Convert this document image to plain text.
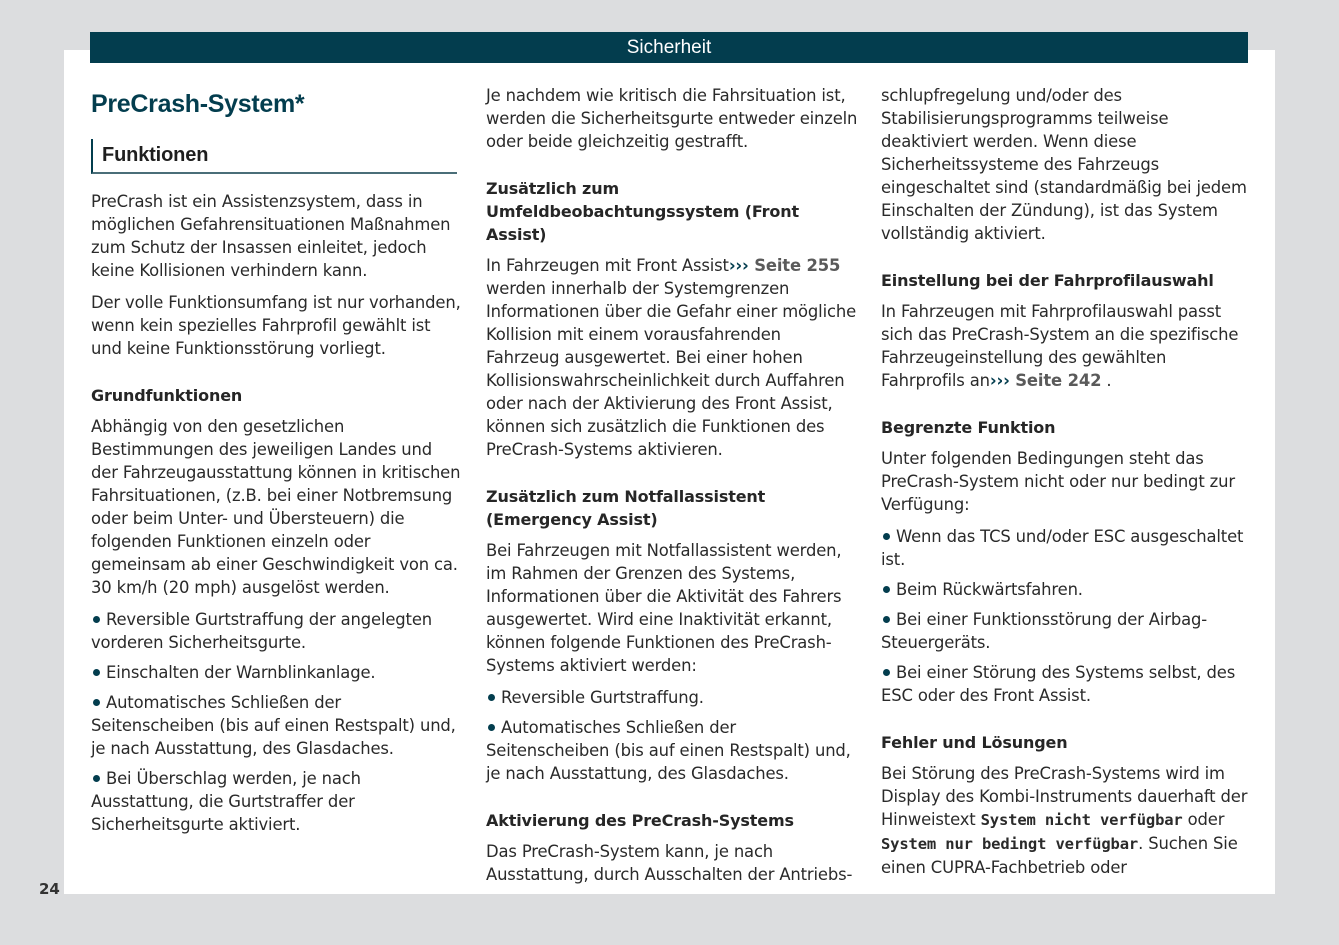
Sicherheit
PreCrash-System*
Funktionen

PreCrash ist ein Assistenzsystem, dass in möglichen Gefahrensituationen Maßnahmen zum Schutz der Insassen einleitet, jedoch keine Kollisionen verhindern kann.

Der volle Funktionsumfang ist nur vorhanden, wenn kein spezielles Fahrprofil gewählt ist und keine Funktionsstörung vorliegt.

Grundfunktionen

Abhängig von den gesetzlichen Bestimmungen des jeweiligen Landes und der Fahrzeugausstattung können in kritischen Fahrsituationen, (z.B. bei einer Notbremsung oder beim Unter- und Übersteuern) die folgenden Funktionen einzeln oder gemeinsam ab einer Geschwindigkeit von ca. 30 km/h (20 mph) ausgelöst werden.

Reversible Gurtstraffung der angelegten vorderen Sicherheitsgurte.
Einschalten der Warnblinkanlage.
Automatisches Schließen der Seitenscheiben (bis auf einen Restspalt) und, je nach Ausstattung, des Glasdaches.
Bei Überschlag werden, je nach Ausstattung, die Gurtstraffer der Sicherheitsgurte aktiviert.

Je nachdem wie kritisch die Fahrsituation ist, werden die Sicherheitsgurte entweder einzeln oder beide gleichzeitig gestrafft.

Zusätzlich zum Umfeldbeobachtungssystem (Front Assist)

In Fahrzeugen mit Front Assist››› Seite 255 werden innerhalb der Systemgrenzen Informationen über die Gefahr einer mögliche Kollision mit einem vorausfahrenden Fahrzeug ausgewertet. Bei einer hohen Kollisionswahrscheinlichkeit durch Auffahren oder nach der Aktivierung des Front Assist, können sich zusätzlich die Funktionen des PreCrash-Systems aktivieren.

Zusätzlich zum Notfallassistent (Emergency Assist)

Bei Fahrzeugen mit Notfallassistent werden, im Rahmen der Grenzen des Systems, Informationen über die Aktivität des Fahrers ausgewertet. Wird eine Inaktivität erkannt, können folgende Funktionen des PreCrash-Systems aktiviert werden:

Reversible Gurtstraffung.
Automatisches Schließen der Seitenscheiben (bis auf einen Restspalt) und, je nach Ausstattung, des Glasdaches.
Aktivierung des PreCrash-Systems

Das PreCrash-System kann, je nach Ausstattung, durch Ausschalten der Antriebs-

schlupfregelung und/oder des Stabilisierungsprogramms teilweise deaktiviert werden. Wenn diese Sicherheitssysteme des Fahrzeugs eingeschaltet sind (standardmäßig bei jedem Einschalten der Zündung), ist das System vollständig aktiviert.

Einstellung bei der Fahrprofilauswahl

In Fahrzeugen mit Fahrprofilauswahl passt sich das PreCrash-System an die spezifische Fahrzeugeinstellung des gewählten Fahrprofils an››› Seite 242 .

Begrenzte Funktion

Unter folgenden Bedingungen steht das PreCrash-System nicht oder nur bedingt zur Verfügung:

Wenn das TCS und/oder ESC ausgeschaltet ist.
Beim Rückwärtsfahren.
Bei einer Funktionsstörung der Airbag-Steuergeräts.
Bei einer Störung des Systems selbst, des ESC oder des Front Assist.
Fehler und Lösungen

Bei Störung des PreCrash-Systems wird im Display des Kombi-Instruments dauerhaft der Hinweistext System nicht verfügbar oder System nur bedingt verfügbar. Suchen Sie einen CUPRA-Fachbetrieb oder

24
